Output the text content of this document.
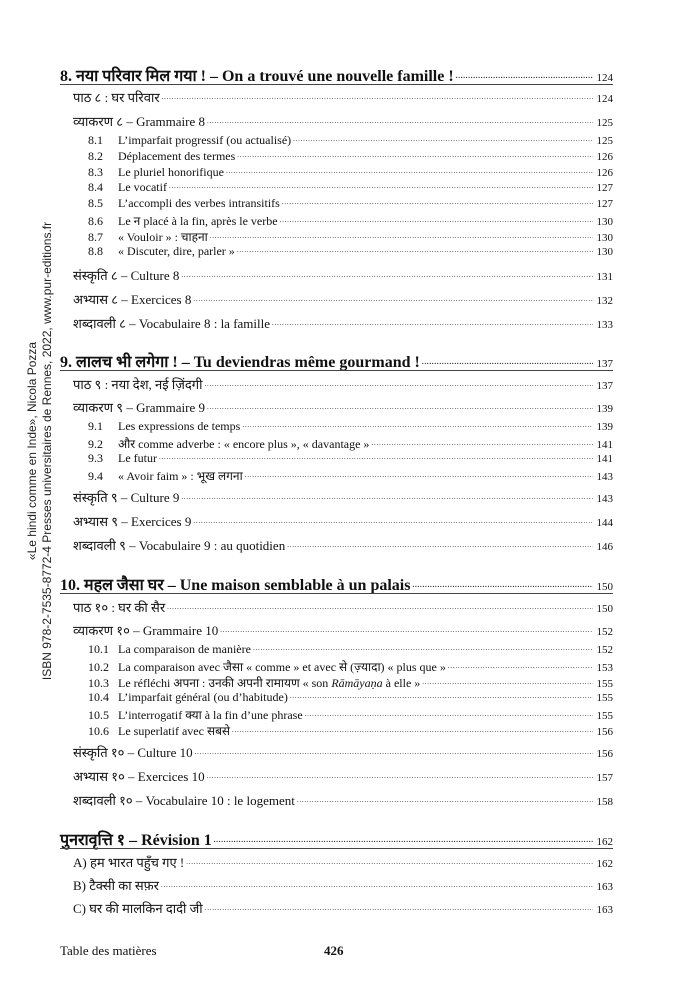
«Le hindi comme en Inde», Nicola Pozza ISBN 978-2-7535-8772-4 Presses universitaires de Rennes, 2022, www.pur-editions.fr
8. नया परिवार मिल गया ! – On a trouvé une nouvelle famille ! . . .	124
पाठ ८ : घर परिवार . . .	124
व्याकरण ८ – Grammaire 8 . . .	125
8.1 L’imparfait progressif (ou actualisé) . . .	125
8.2 Déplacement des termes . . .	126
8.3 Le pluriel honorifique . . .	126
8.4 Le vocatif . . .	127
8.5 L’accompli des verbes intransitifs . . .	127
8.6 Le न placé à la fin, après le verbe . . .	130
8.7 « Vouloir » : चाहना . . .	130
8.8 « Discuter, dire, parler » . . .	130
संस्कृति ८ – Culture 8 . . .	131
अभ्यास ८ – Exercices 8 . . .	132
शब्दावली ८ – Vocabulaire 8 : la famille . . .	133
9. लालच भी लगेगा ! – Tu deviendras même gourmand ! . . .	137
पाठ ९ : नया देश, नई ज़िंदगी . . .	137
व्याकरण ९ – Grammaire 9 . . .	139
9.1 Les expressions de temps . . .	139
9.2 और comme adverbe : « encore plus », « davantage » . . .	141
9.3 Le futur . . .	141
9.4 « Avoir faim » : भूख लगना . . .	143
संस्कृति ९ – Culture 9 . . .	143
अभ्यास ९ – Exercices 9 . . .	144
शब्दावली ९ – Vocabulaire 9 : au quotidien . . .	146
10. महल जैसा घर – Une maison semblable à un palais . . .	150
पाठ १० : घर की सैर . . .	150
व्याकरण १० – Grammaire 10 . . .	152
10.1 La comparaison de manière . . .	152
10.2 La comparaison avec जैसा « comme » et avec से (ज़्यादा) « plus que » . . .	153
10.3 Le réfléchi अपना : उनकी अपनी रामायण « son Rāmāyaṇa à elle » . . .	155
10.4 L’imparfait général (ou d’habitude) . . .	155
10.5 L’interrogatif क्या à la fin d’une phrase . . .	155
10.6 Le superlatif avec सबसे . . .	156
संस्कृति १० – Culture 10 . . .	156
अभ्यास १० – Exercices 10 . . .	157
शब्दावली १० – Vocabulaire 10 : le logement . . .	158
पुनरावृत्ति १ – Révision 1 . . .	162
A) हम भारत पहुँच गए ! . . .	162
B) टैक्सी का सफ़र . . .	163
C) घर की मालकिन दादी जी . . .	163
Table des matières	426
